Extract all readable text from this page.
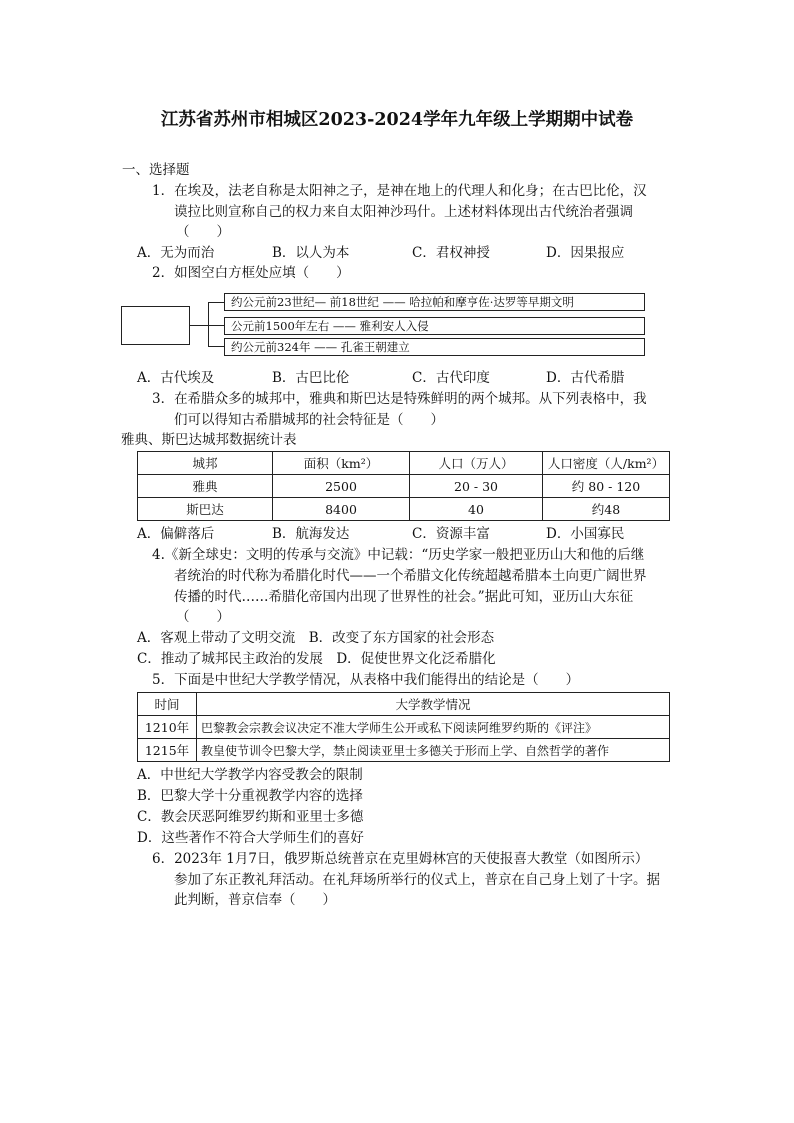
江苏省苏州市相城区2023-2024学年九年级上学期期中试卷
一、选择题
1．在埃及，法老自称是太阳神之子，是神在地上的代理人和化身；在古巴比伦，汉
谟拉比则宣称自己的权力来自太阳神沙玛什。上述材料体现出古代统治者强调
（　　）
A．无为而治	B．以人为本	C．君权神授	D．因果报应
2．如图空白方框处应填（　　）
约公元前23世纪— 前18世纪 —— 哈拉帕和摩亨佐·达罗等早期文明
公元前1500年左右 —— 雅利安人入侵
约公元前324年 —— 孔雀王朝建立
A．古代埃及	B．古巴比伦	C．古代印度	D．古代希腊
3．在希腊众多的城邦中，雅典和斯巴达是特殊鲜明的两个城邦。从下列表格中，我
们可以得知古希腊城邦的社会特征是（　　）
雅典、斯巴达城邦数据统计表
城邦	面积（km²）	人口（万人）	人口密度（人/km²）
雅典	2500	20 - 30	约 80 - 120
斯巴达	8400	40	约48
A．偏僻落后	B．航海发达	C．资源丰富	D．小国寡民
4.《新全球史：文明的传承与交流》中记载：“历史学家一般把亚历山大和他的后继
者统治的时代称为希腊化时代——一个希腊文化传统超越希腊本土向更广阔世界
传播的时代……希腊化帝国内出现了世界性的社会。”据此可知，亚历山大东征
（　　）
A．客观上带动了文明交流　B．改变了东方国家的社会形态
C．推动了城邦民主政治的发展　D．促使世界文化泛希腊化
5．下面是中世纪大学教学情况，从表格中我们能得出的结论是（　　）
时间	大学教学情况
1210年	巴黎教会宗教会议决定不准大学师生公开或私下阅读阿维罗约斯的《评注》
1215年	教皇使节训令巴黎大学，禁止阅读亚里士多德关于形而上学、自然哲学的著作
A．中世纪大学教学内容受教会的限制
B．巴黎大学十分重视教学内容的选择
C．教会厌恶阿维罗约斯和亚里士多德
D．这些著作不符合大学师生们的喜好
6．2023年 1月7日，俄罗斯总统普京在克里姆林宫的天使报喜大教堂（如图所示）
参加了东正教礼拜活动。在礼拜场所举行的仪式上，普京在自己身上划了十字。据
此判断，普京信奉（　　）
